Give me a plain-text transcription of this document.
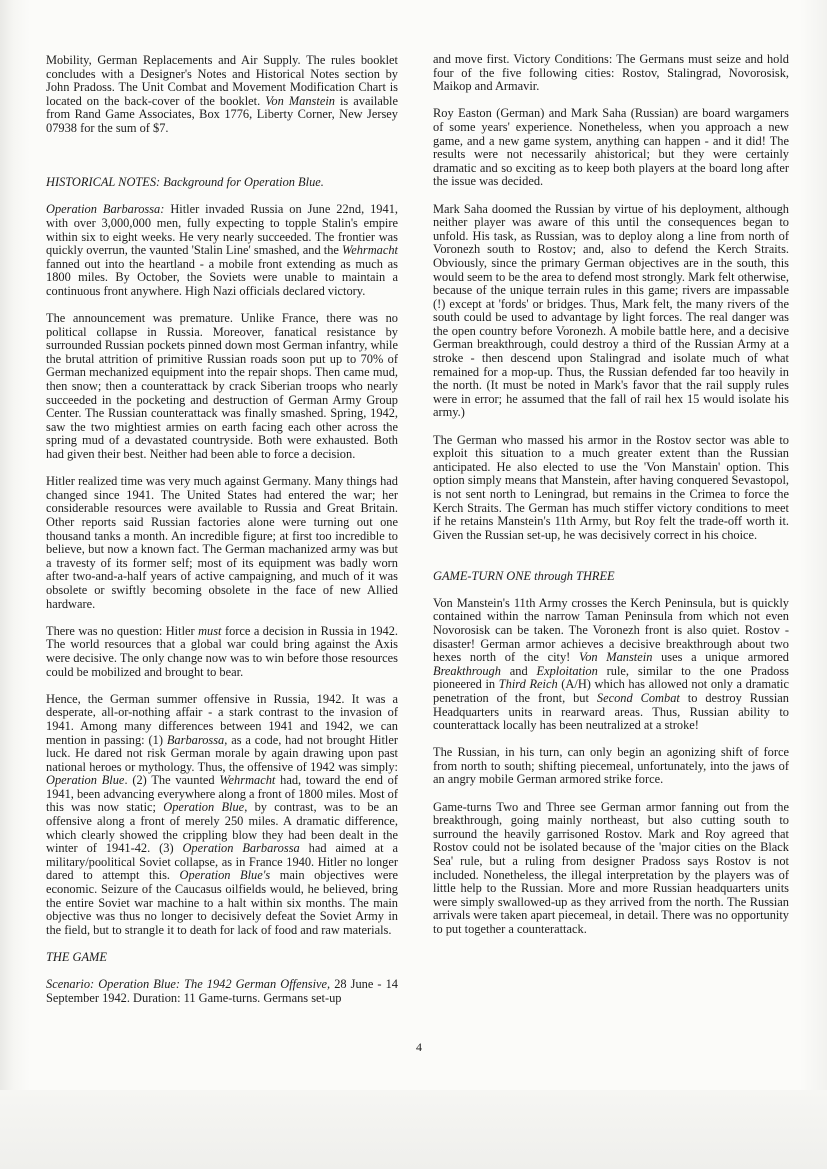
Mobility, German Replacements and Air Supply. The rules booklet concludes with a Designer's Notes and Historical Notes section by John Pradoss. The Unit Combat and Movement Modification Chart is located on the back-cover of the booklet. Von Manstein is available from Rand Game Associates, Box 1776, Liberty Corner, New Jersey 07938 for the sum of $7.

HISTORICAL NOTES: Background for Operation Blue.

Operation Barbarossa: Hitler invaded Russia on June 22nd, 1941, with over 3,000,000 men, fully expecting to topple Stalin's empire within six to eight weeks. He very nearly succeeded. The frontier was quickly overrun, the vaunted 'Stalin Line' smashed, and the Wehrmacht fanned out into the heartland - a mobile front extending as much as 1800 miles. By October, the Soviets were unable to maintain a continuous front anywhere. High Nazi officials declared victory.

The announcement was premature. Unlike France, there was no political collapse in Russia. Moreover, fanatical resistance by surrounded Russian pockets pinned down most German infantry, while the brutal attrition of primitive Russian roads soon put up to 70% of German mechanized equipment into the repair shops. Then came mud, then snow; then a counterattack by crack Siberian troops who nearly succeeded in the pocketing and destruction of German Army Group Center. The Russian counterattack was finally smashed. Spring, 1942, saw the two mightiest armies on earth facing each other across the spring mud of a devastated countryside. Both were exhausted. Both had given their best. Neither had been able to force a decision.

Hitler realized time was very much against Germany. Many things had changed since 1941. The United States had entered the war; her considerable resources were available to Russia and Great Britain. Other reports said Russian factories alone were turning out one thousand tanks a month. An incredible figure; at first too incredible to believe, but now a known fact. The German machanized army was but a travesty of its former self; most of its equipment was badly worn after two-and-a-half years of active campaigning, and much of it was obsolete or swiftly becoming obsolete in the face of new Allied hardware.

There was no question: Hitler must force a decision in Russia in 1942. The world resources that a global war could bring against the Axis were decisive. The only change now was to win before those resources could be mobilized and brought to bear.

Hence, the German summer offensive in Russia, 1942. It was a desperate, all-or-nothing affair - a stark contrast to the invasion of 1941. Among many differences between 1941 and 1942, we can mention in passing: (1) Barbarossa, as a code, had not brought Hitler luck. He dared not risk German morale by again drawing upon past national heroes or mythology. Thus, the offensive of 1942 was simply: Operation Blue. (2) The vaunted Wehrmacht had, toward the end of 1941, been advancing everywhere along a front of 1800 miles. Most of this was now static; Operation Blue, by contrast, was to be an offensive along a front of merely 250 miles. A dramatic difference, which clearly showed the crippling blow they had been dealt in the winter of 1941-42. (3) Operation Barbarossa had aimed at a military/poolitical Soviet collapse, as in France 1940. Hitler no longer dared to attempt this. Operation Blue's main objectives were economic. Seizure of the Caucasus oilfields would, he believed, bring the entire Soviet war machine to a halt within six months. The main objective was thus no longer to decisively defeat the Soviet Army in the field, but to strangle it to death for lack of food and raw materials.

THE GAME

Scenario: Operation Blue: The 1942 German Offensive, 28 June - 14 September 1942. Duration: 11 Game-turns. Germans set-up

and move first. Victory Conditions: The Germans must seize and hold four of the five following cities: Rostov, Stalingrad, Novorosisk, Maikop and Armavir.

Roy Easton (German) and Mark Saha (Russian) are board wargamers of some years' experience. Nonetheless, when you approach a new game, and a new game system, anything can happen - and it did! The results were not necessarily ahistorical; but they were certainly dramatic and so exciting as to keep both players at the board long after the issue was decided.

Mark Saha doomed the Russian by virtue of his deployment, although neither player was aware of this until the consequences began to unfold. His task, as Russian, was to deploy along a line from north of Voronezh south to Rostov; and, also to defend the Kerch Straits. Obviously, since the primary German objectives are in the south, this would seem to be the area to defend most strongly. Mark felt otherwise, because of the unique terrain rules in this game; rivers are impassable (!) except at 'fords' or bridges. Thus, Mark felt, the many rivers of the south could be used to advantage by light forces. The real danger was the open country before Voronezh. A mobile battle here, and a decisive German breakthrough, could destroy a third of the Russian Army at a stroke - then descend upon Stalingrad and isolate much of what remained for a mop-up. Thus, the Russian defended far too heavily in the north. (It must be noted in Mark's favor that the rail supply rules were in error; he assumed that the fall of rail hex 15 would isolate his army.)

The German who massed his armor in the Rostov sector was able to exploit this situation to a much greater extent than the Russian anticipated. He also elected to use the 'Von Manstain' option. This option simply means that Manstein, after having conquered Sevastopol, is not sent north to Leningrad, but remains in the Crimea to force the Kerch Straits. The German has much stiffer victory conditions to meet if he retains Manstein's 11th Army, but Roy felt the trade-off worth it. Given the Russian set-up, he was decisively correct in his choice.

GAME-TURN ONE through THREE

Von Manstein's 11th Army crosses the Kerch Peninsula, but is quickly contained within the narrow Taman Peninsula from which not even Novorosisk can be taken. The Voronezh front is also quiet. Rostov - disaster! German armor achieves a decisive breakthrough about two hexes north of the city! Von Manstein uses a unique armored Breakthrough and Exploitation rule, similar to the one Pradoss pioneered in Third Reich (A/H) which has allowed not only a dramatic penetration of the front, but Second Combat to destroy Russian Headquarters units in rearward areas. Thus, Russian ability to counterattack locally has been neutralized at a stroke!

The Russian, in his turn, can only begin an agonizing shift of force from north to south; shifting piecemeal, unfortunately, into the jaws of an angry mobile German armored strike force.

Game-turns Two and Three see German armor fanning out from the breakthrough, going mainly northeast, but also cutting south to surround the heavily garrisoned Rostov. Mark and Roy agreed that Rostov could not be isolated because of the 'major cities on the Black Sea' rule, but a ruling from designer Pradoss says Rostov is not included. Nonetheless, the illegal interpretation by the players was of little help to the Russian. More and more Russian headquarters units were simply swallowed-up as they arrived from the north. The Russian arrivals were taken apart piecemeal, in detail. There was no opportunity to put together a counterattack.

4
